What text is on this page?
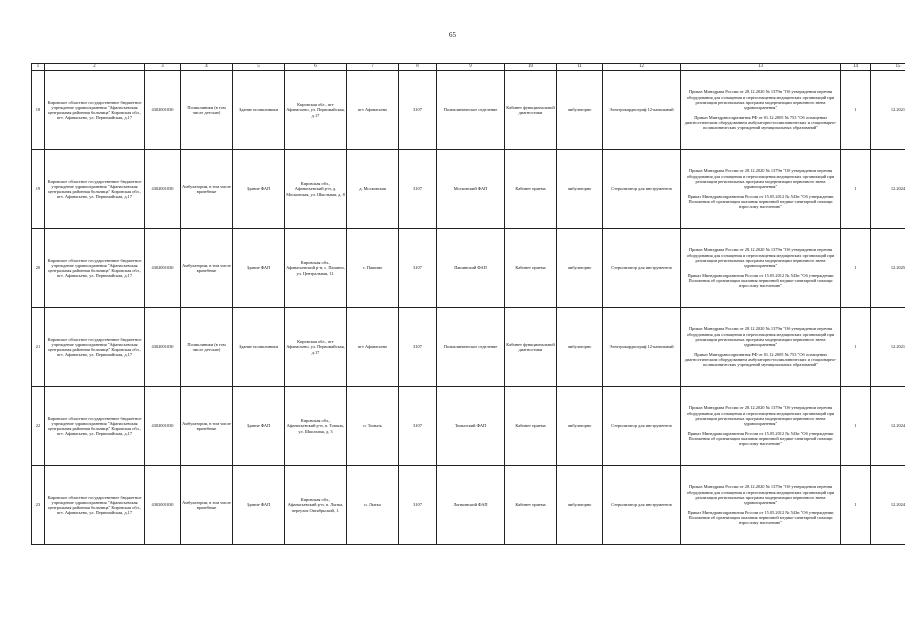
65
1	2	3	4	5	6	7	8	9	10	11	12	13	14	15
18	Кировское областное государственное бюджетное учреждение здравоохранения "Афанасьевская центральная районная больница" Кировская обл., пгт. Афанасьево, ул. Первомайская, д.17	4302001030	Поликлиники (в том числе детские)	Здание поликлиники	Кировская обл., пгт Афанасьево, ул. Первомайская, д.17	пгт Афанасьево	3107	Поликлиническое отделение	Кабинет функциональной диагностики	амбулаторно	Электрокардиограф 12-канальный	Приказ Минздрава России от 28.12.2020 № 1379н "Об утверждении перечня оборудования для оснащения и переоснащения медицинских организаций при реализации региональных программ модернизации первичного звена здравоохранения"
Приказ Минздравсоцразвития РФ от 01.12.2005 № 753 "Об оснащении диагностическим оборудованием амбулаторно-поликлинических и стационарно-поликлинических учреждений муниципальных образований"	1	12.2021
19	Кировское областное государственное бюджетное учреждение здравоохранения "Афанасьевская центральная районная больница" Кировская обл., пгт. Афанасьево, ул. Первомайская, д.17	4302001030	Амбулатории, в том числе врачебные	Здание ФАП	Кировская обл., Афанасьевский р-н, д. Московская, ул. Школьная, д. 8	д. Московская	3107	Московский ФАП	Кабинет приема	амбулаторно	Стерилизатор для инструментов	Приказ Минздрава России от 28.12.2020 № 1379н "Об утверждении перечня оборудования для оснащения и переоснащения медицинских организаций при реализации региональных программ модернизации первичного звена здравоохранения"
Приказ Минздравсоцразвития России от 15.05.2012 № 543н "Об утверждении Положения об организации оказания первичной медико-санитарной помощи взрослому населению"	1	12.2024
20	Кировское областное государственное бюджетное учреждение здравоохранения "Афанасьевская центральная районная больница" Кировская обл., пгт. Афанасьево, ул. Первомайская, д.17	4302001030	Амбулатории, в том числе врачебные	Здание ФАП	Кировская обл., Афанасьевский р-н, с. Пашино, ул. Центральная, 11.	с. Пашино	3107	Пашинский ФАП	Кабинет приема	амбулаторно	Стерилизатор для инструментов	Приказ Минздрава России от 28.12.2020 № 1379н "Об утверждении перечня оборудования для оснащения и переоснащения медицинских организаций при реализации региональных программ модернизации первичного звена здравоохранения"
Приказ Минздравсоцразвития России от 15.05.2012 № 543н "Об утверждении Положения об организации оказания первичной медико-санитарной помощи взрослому населению"	1	12.2025
21	Кировское областное государственное бюджетное учреждение здравоохранения "Афанасьевская центральная районная больница" Кировская обл., пгт. Афанасьево, ул. Первомайская, д.17	4302001030	Поликлиники (в том числе детские)	Здание поликлиники	Кировская обл., пгт Афанасьево, ул. Первомайская, д.17	пгт Афанасьево	3107	Поликлиническое отделение	Кабинет функциональной диагностики	амбулаторно	Электрокардиограф 12-канальный	Приказ Минздрава России от 28.12.2020 № 1379н "Об утверждении перечня оборудования для оснащения и переоснащения медицинских организаций при реализации региональных программ модернизации первичного звена здравоохранения"
Приказ Минздравсоцразвития РФ от 01.12.2005 № 753 "Об оснащении диагностическим оборудованием амбулаторно-поликлинических и стационарно-поликлинических учреждений муниципальных образований"	1	12.2021
22	Кировское областное государственное бюджетное учреждение здравоохранения "Афанасьевская центральная районная больница" Кировская обл., пгт. Афанасьево, ул. Первомайская, д.17	4302001030	Амбулатории, в том числе врачебные	Здание ФАП	Кировская обл., Афанасьевский р-н, п. Томызь, ул. Школьная, д. 3	п. Томызь	3107	Томызский ФАП	Кабинет приема	амбулаторно	Стерилизатор для инструментов	Приказ Минздрава России от 28.12.2020 № 1379н "Об утверждении перечня оборудования для оснащения и переоснащения медицинских организаций при реализации региональных программ модернизации первичного звена здравоохранения"
Приказ Минздравсоцразвития России от 15.05.2012 № 543н "Об утверждении Положения об организации оказания первичной медико-санитарной помощи взрослому населению"	1	12.2024
23	Кировское областное государственное бюджетное учреждение здравоохранения "Афанасьевская центральная районная больница" Кировская обл., пгт. Афанасьево, ул. Первомайская, д.17	4302001030	Амбулатории, в том числе врачебные	Здание ФАП	Кировская обл., Афанасьевский р-н, п. Лытка, переулок Октябрьский, 1.	п. Лытка	3107	Лыткинский ФАП	Кабинет приема	амбулаторно	Стерилизатор для инструментов	Приказ Минздрава России от 28.12.2020 № 1379н "Об утверждении перечня оборудования для оснащения и переоснащения медицинских организаций при реализации региональных программ модернизации первичного звена здравоохранения"
Приказ Минздравсоцразвития России от 15.05.2012 № 543н "Об утверждении Положения об организации оказания первичной медико-санитарной помощи взрослому населению"	1	12.2024
